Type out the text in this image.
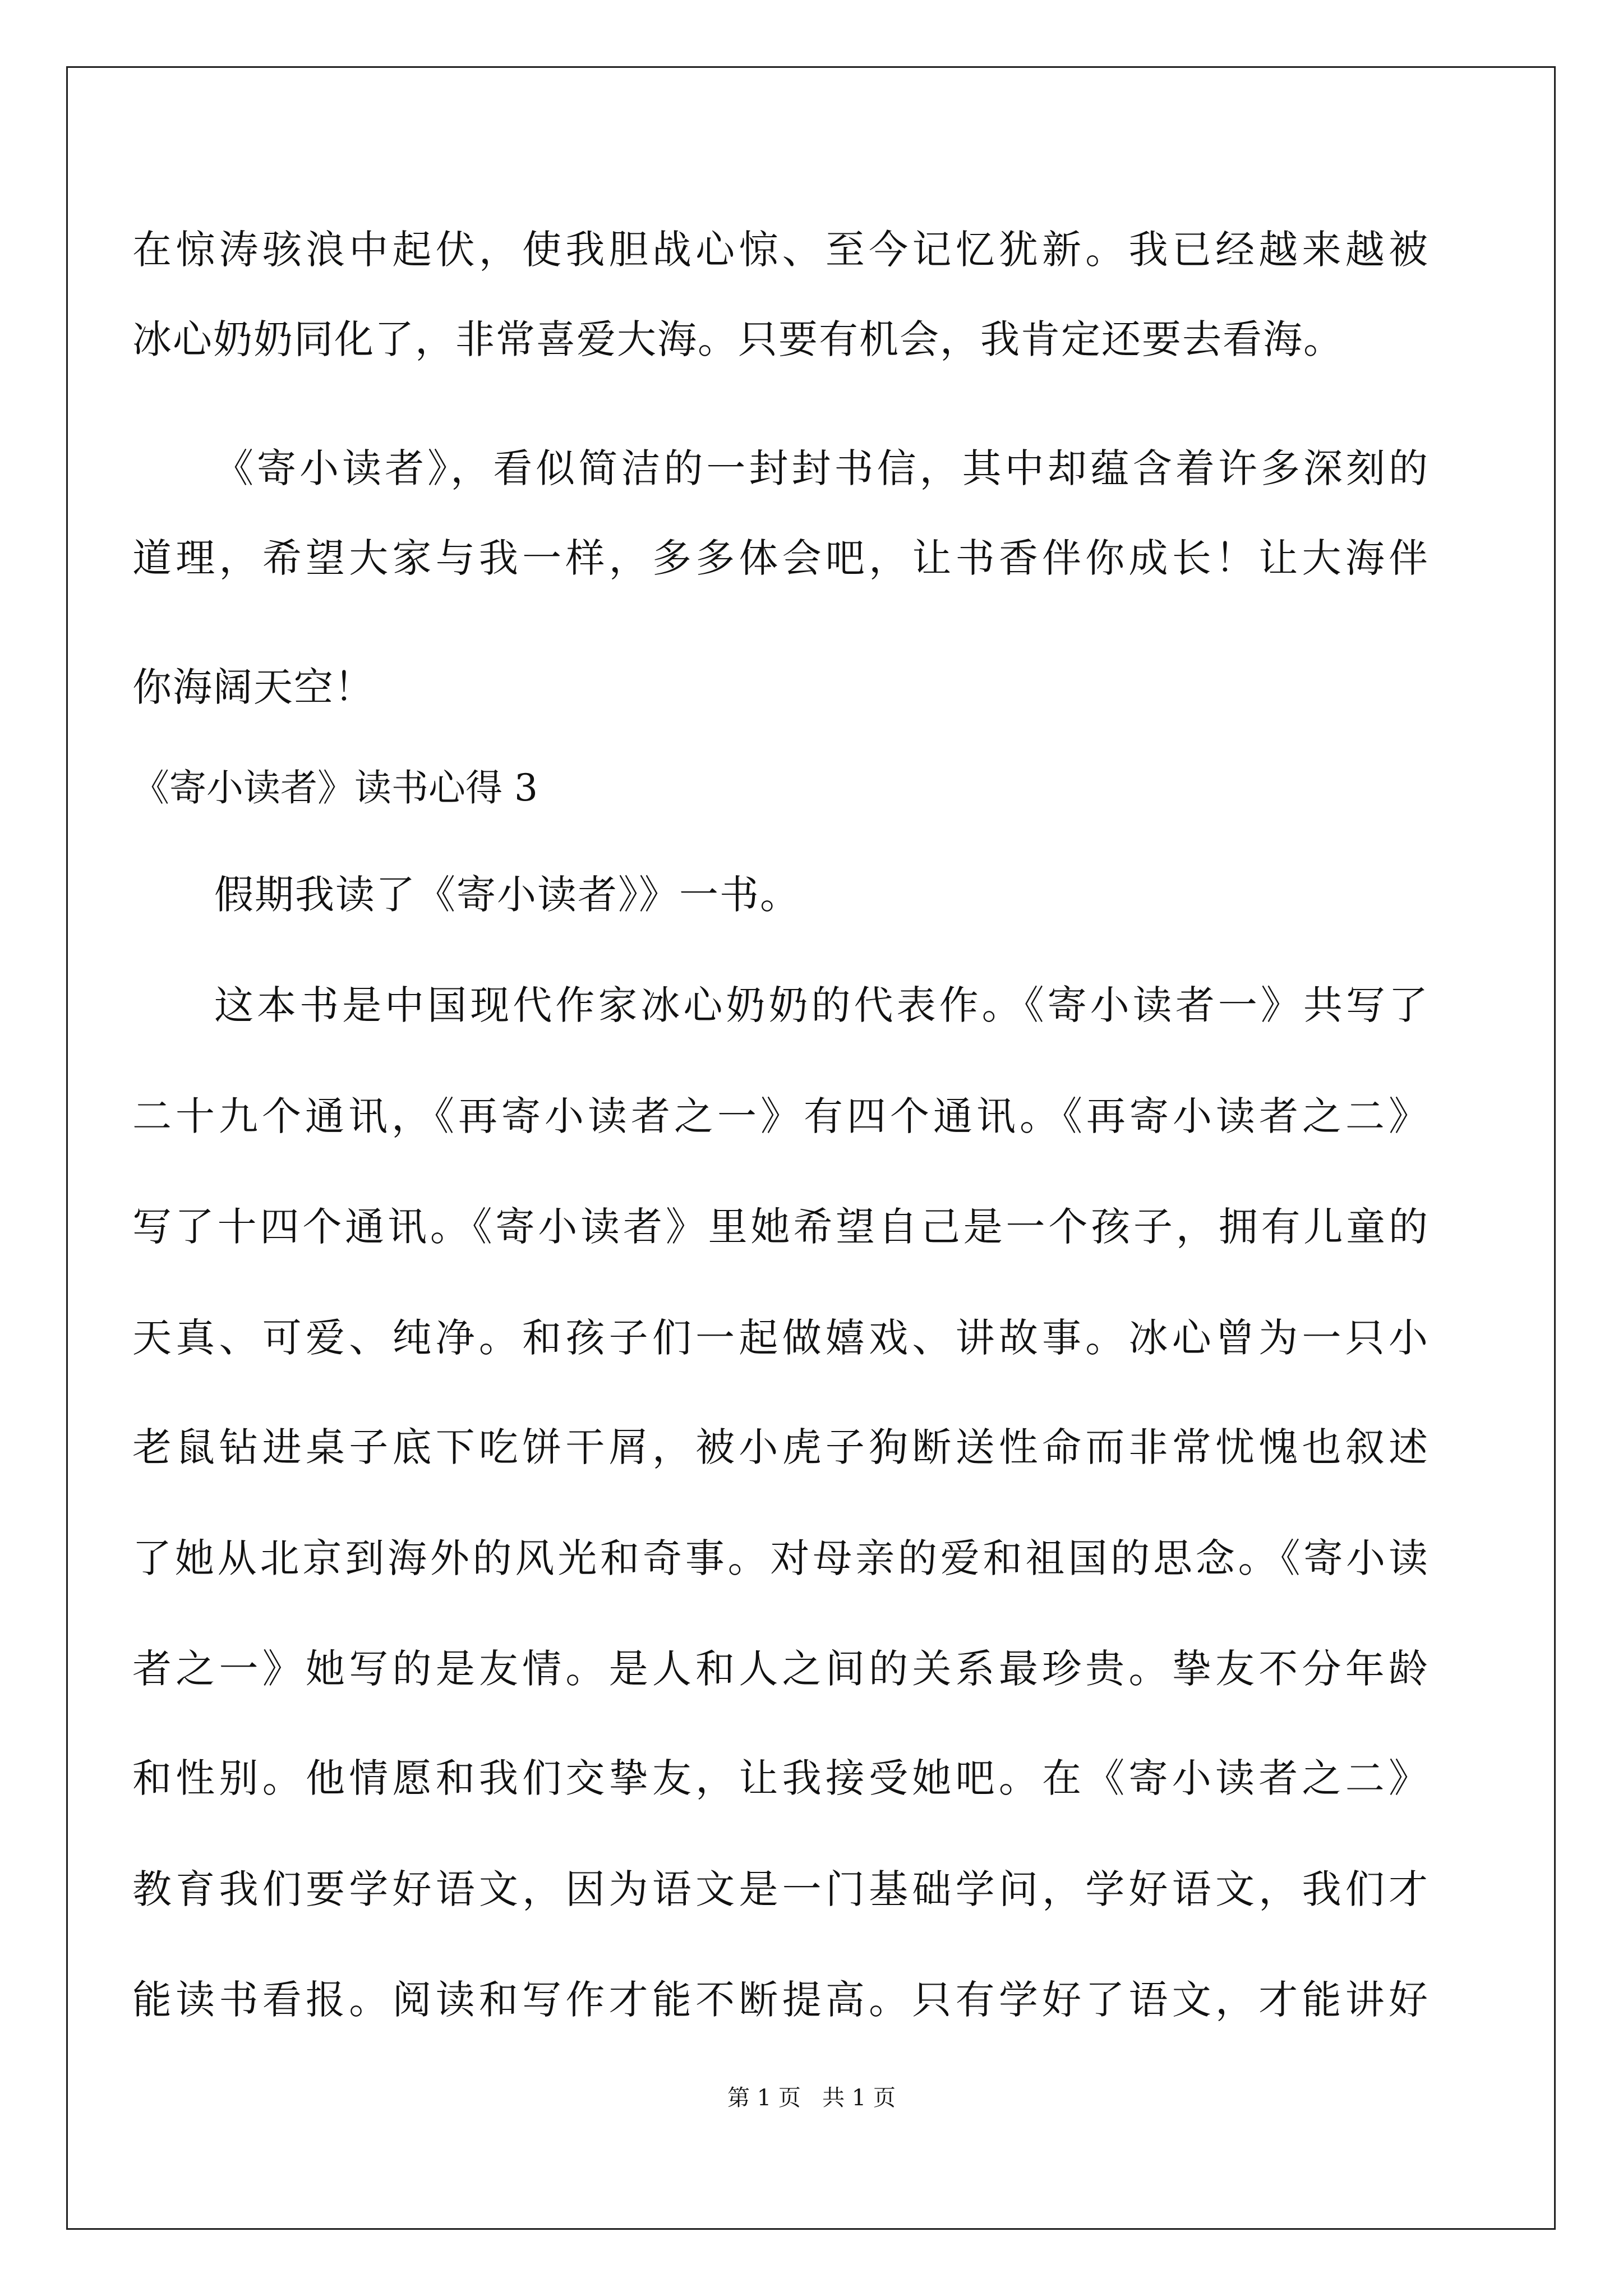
在惊涛骇浪中起伏，使我胆战心惊、至今记忆犹新。我已经越来越被
冰心奶奶同化了，非常喜爱大海。只要有机会，我肯定还要去看海。
《寄小读者》，看似简洁的一封封书信，其中却蕴含着许多深刻的
道理，希望大家与我一样，多多体会吧，让书香伴你成长！让大海伴
你海阔天空！
假期我读了《寄小读者》》一书。
这本书是中国现代作家冰心奶奶的代表作。《寄小读者一》共写了
二十九个通讯，《再寄小读者之一》有四个通讯。《再寄小读者之二》
写了十四个通讯。《寄小读者》里她希望自己是一个孩子，拥有儿童的
天真、可爱、纯净。和孩子们一起做嬉戏、讲故事。冰心曾为一只小
老鼠钻进桌子底下吃饼干屑，被小虎子狗断送性命而非常忧愧也叙述
了她从北京到海外的风光和奇事。对母亲的爱和祖国的思念。《寄小读
者之一》她写的是友情。是人和人之间的关系最珍贵。挚友不分年龄
和性别。他情愿和我们交挚友，让我接受她吧。在《寄小读者之二》
教育我们要学好语文，因为语文是一门基础学问，学好语文，我们才
能读书看报。阅读和写作才能不断提高。只有学好了语文，才能讲好
《寄小读者》读书心得 3
第 1 页   共 1 页
